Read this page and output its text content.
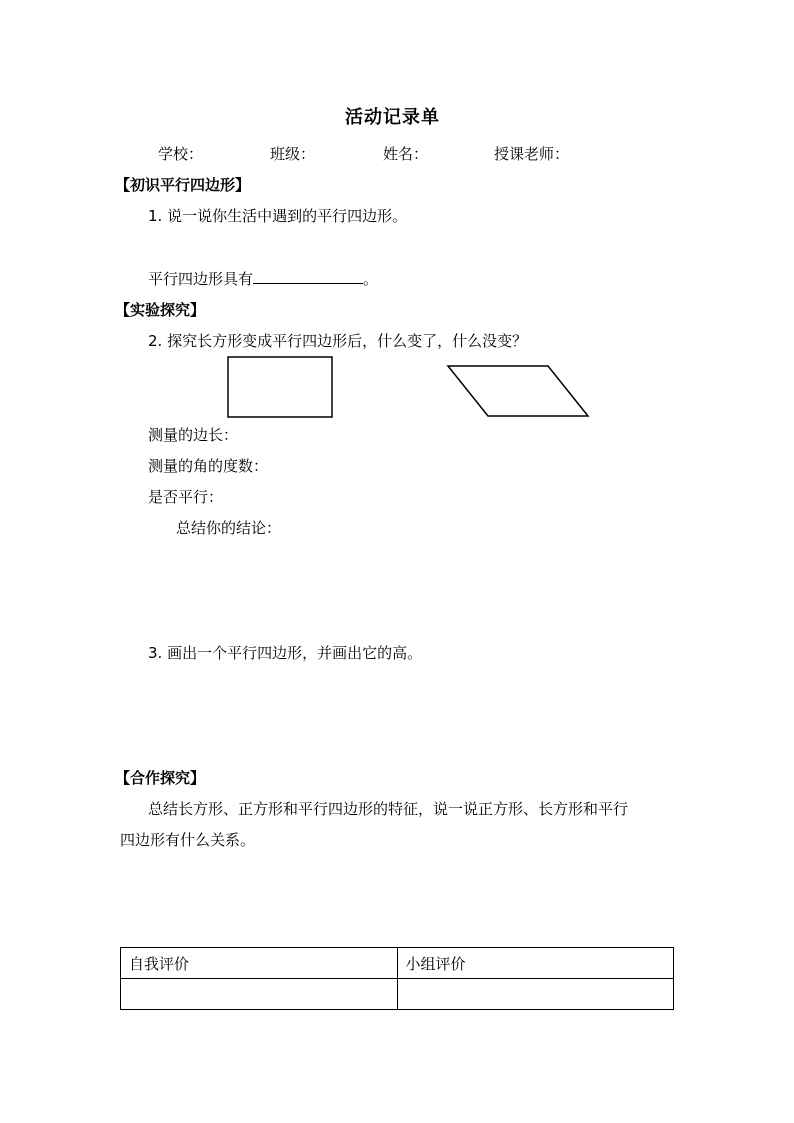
活动记录单
学校：	班级：	姓名：	授课老师：
【初识平行四边形】
1. 说一说你生活中遇到的平行四边形。
平行四边形具有	。
【实验探究】
2. 探究长方形变成平行四边形后，什么变了，什么没变？
测量的边长：
测量的角的度数：
是否平行：
总结你的结论：
3. 画出一个平行四边形，并画出它的高。
【合作探究】
总结长方形、正方形和平行四边形的特征，说一说正方形、长方形和平行
四边形有什么关系。
自我评价	小组评价
